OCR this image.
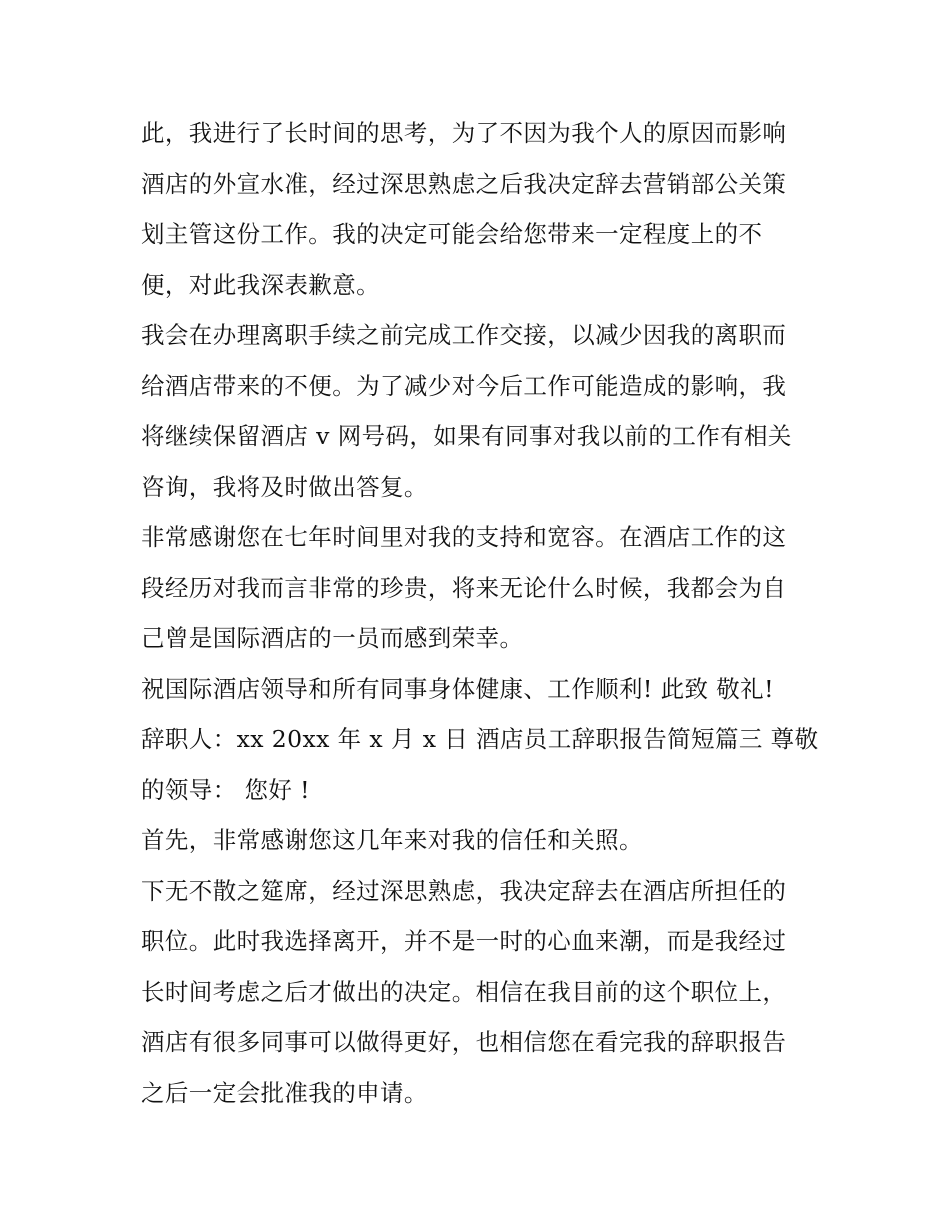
此，我进行了长时间的思考，为了不因为我个人的原因而影响
酒店的外宣水准，经过深思熟虑之后我决定辞去营销部公关策
划主管这份工作。我的决定可能会给您带来一定程度上的不
便，对此我深表歉意。
我会在办理离职手续之前完成工作交接，以减少因我的离职而
给酒店带来的不便。为了减少对今后工作可能造成的影响，我
将继续保留酒店 v 网号码，如果有同事对我以前的工作有相关
咨询，我将及时做出答复。
非常感谢您在七年时间里对我的支持和宽容。在酒店工作的这
段经历对我而言非常的珍贵，将来无论什么时候，我都会为自
己曾是国际酒店的一员而感到荣幸。
祝国际酒店领导和所有同事身体健康、工作顺利! 此致 敬礼!
辞职人：xx 20xx 年 x 月 x 日 酒店员工辞职报告简短篇三 尊敬
的领导： 您好 !
首先，非常感谢您这几年来对我的信任和关照。
下无不散之筵席，经过深思熟虑，我决定辞去在酒店所担任的
职位。此时我选择离开，并不是一时的心血来潮，而是我经过
长时间考虑之后才做出的决定。相信在我目前的这个职位上，
酒店有很多同事可以做得更好，也相信您在看完我的辞职报告
之后一定会批准我的申请。
